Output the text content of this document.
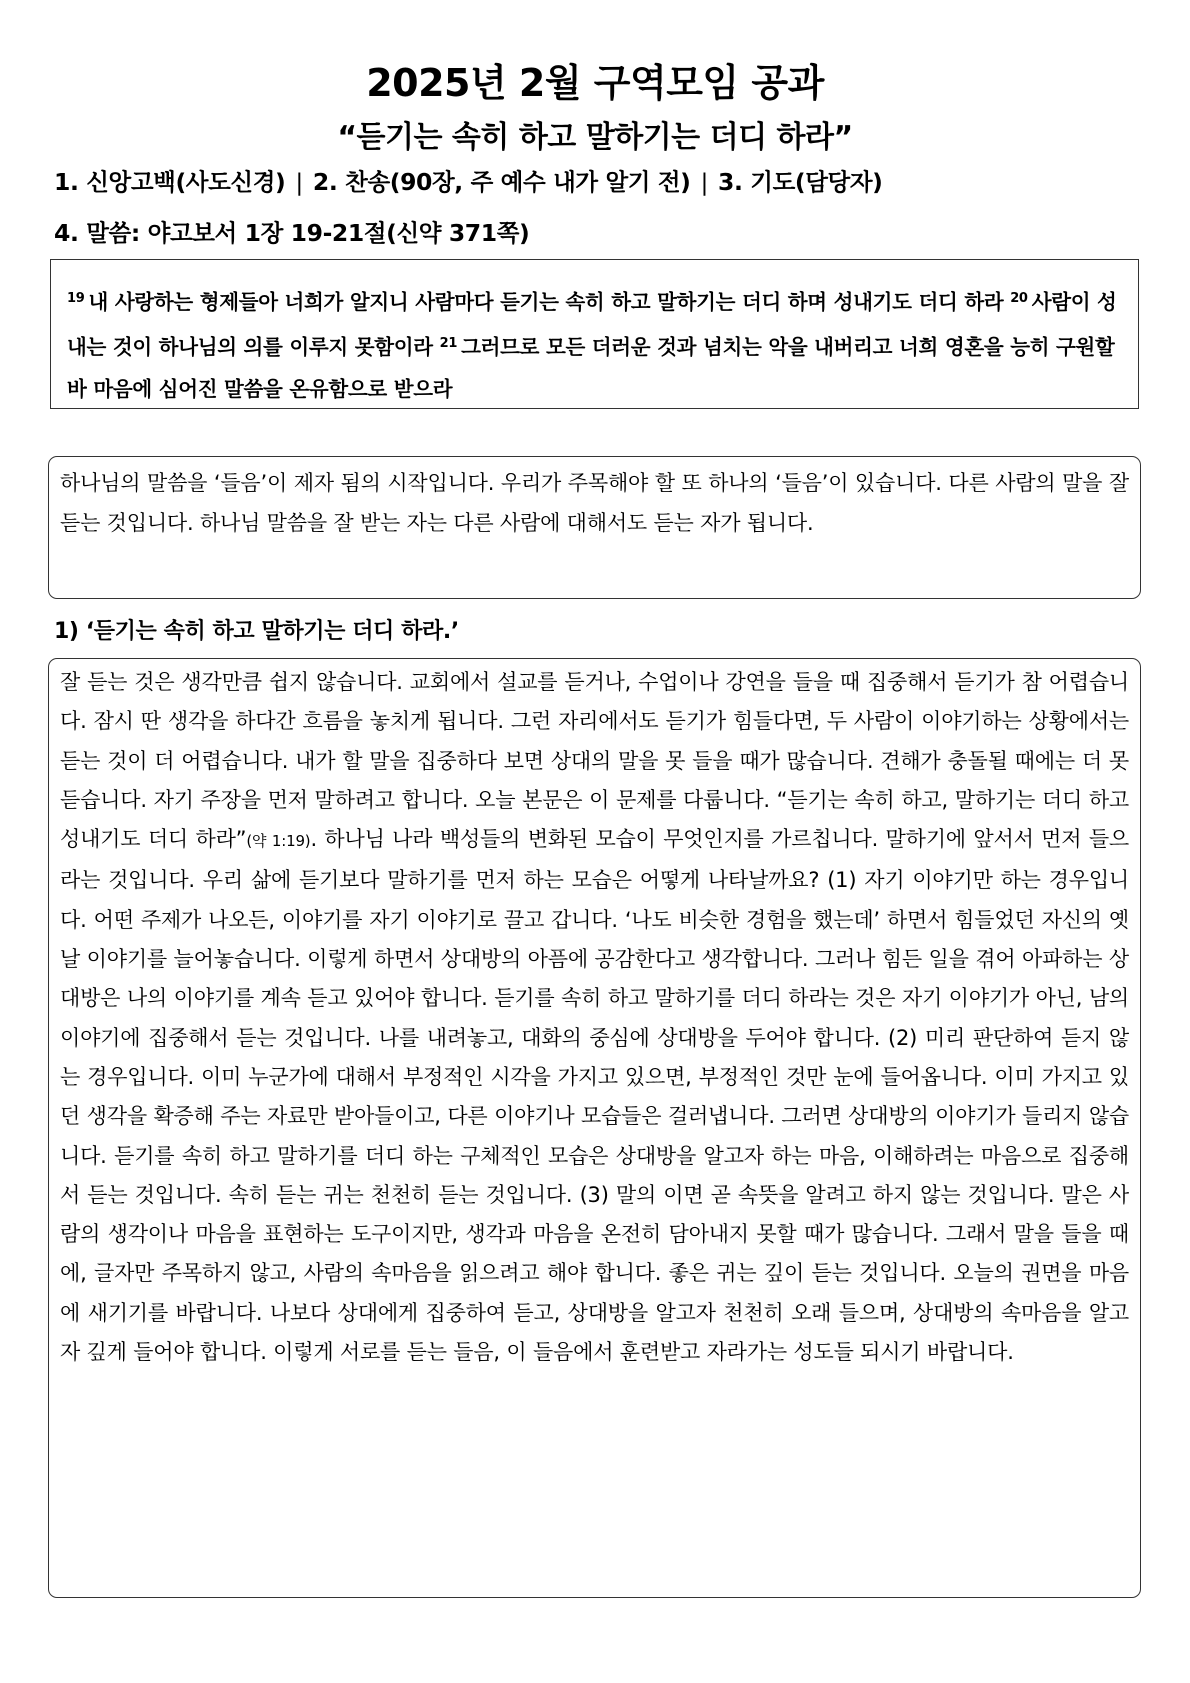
2025년 2월 구역모임 공과
“듣기는 속히 하고 말하기는 더디 하라”
1. 신앙고백(사도신경) | 2. 찬송(90장, 주 예수 내가 알기 전) | 3. 기도(담당자)
4. 말씀: 야고보서 1장 19-21절(신약 371쪽)
$^{19}$ 내 사랑하는 형제들아 너희가 알지니 사람마다 듣기는 속히 하고 말하기는 더디 하며 성내기도 더디 하라 $^{20}$ 사람이 성내는 것이 하나님의 의를 이루지 못함이라 $^{21}$ 그러므로 모든 더러운 것과 넘치는 악을 내버리고 너희 영혼을 능히 구원할 바 마음에 심어진 말씀을 온유함으로 받으라

하나님의 말씀을 ‘들음’이 제자 됨의 시작입니다. 우리가 주목해야 할 또 하나의 ‘들음’이 있습니다. 다른 사람의 말을 잘 듣는 것입니다. 하나님 말씀을 잘 받는 자는 다른 사람에 대해서도 듣는 자가 됩니다.

1) ‘듣기는 속히 하고 말하기는 더디 하라.’

잘 듣는 것은 생각만큼 쉽지 않습니다. 교회에서 설교를 듣거나, 수업이나 강연을 들을 때 집중해서 듣기가 참 어렵습니다. 잠시 딴 생각을 하다간 흐름을 놓치게 됩니다. 그런 자리에서도 듣기가 힘들다면, 두 사람이 이야기하는 상황에서는 듣는 것이 더 어렵습니다. 내가 할 말을 집중하다 보면 상대의 말을 못 들을 때가 많습니다. 견해가 충돌될 때에는 더 못 듣습니다. 자기 주장을 먼저 말하려고 합니다. 오늘 본문은 이 문제를 다룹니다. “듣기는 속히 하고, 말하기는 더디 하고 성내기도 더디 하라”(약 1:19). 하나님 나라 백성들의 변화된 모습이 무엇인지를 가르칩니다. 말하기에 앞서서 먼저 들으라는 것입니다. 우리 삶에 듣기보다 말하기를 먼저 하는 모습은 어떻게 나타날까요? (1) 자기 이야기만 하는 경우입니다. 어떤 주제가 나오든, 이야기를 자기 이야기로 끌고 갑니다. ‘나도 비슷한 경험을 했는데’ 하면서 힘들었던 자신의 옛날 이야기를 늘어놓습니다. 이렇게 하면서 상대방의 아픔에 공감한다고 생각합니다. 그러나 힘든 일을 겪어 아파하는 상대방은 나의 이야기를 계속 듣고 있어야 합니다. 듣기를 속히 하고 말하기를 더디 하라는 것은 자기 이야기가 아닌, 남의 이야기에 집중해서 듣는 것입니다. 나를 내려놓고, 대화의 중심에 상대방을 두어야 합니다. (2) 미리 판단하여 듣지 않는 경우입니다. 이미 누군가에 대해서 부정적인 시각을 가지고 있으면, 부정적인 것만 눈에 들어옵니다. 이미 가지고 있던 생각을 확증해 주는 자료만 받아들이고, 다른 이야기나 모습들은 걸러냅니다. 그러면 상대방의 이야기가 들리지 않습니다. 듣기를 속히 하고 말하기를 더디 하는 구체적인 모습은 상대방을 알고자 하는 마음, 이해하려는 마음으로 집중해서 듣는 것입니다. 속히 듣는 귀는 천천히 듣는 것입니다. (3) 말의 이면 곧 속뜻을 알려고 하지 않는 것입니다. 말은 사람의 생각이나 마음을 표현하는 도구이지만, 생각과 마음을 온전히 담아내지 못할 때가 많습니다. 그래서 말을 들을 때에, 글자만 주목하지 않고, 사람의 속마음을 읽으려고 해야 합니다. 좋은 귀는 깊이 듣는 것입니다. 오늘의 권면을 마음에 새기기를 바랍니다. 나보다 상대에게 집중하여 듣고, 상대방을 알고자 천천히 오래 들으며, 상대방의 속마음을 알고자 깊게 들어야 합니다. 이렇게 서로를 듣는 들음, 이 들음에서 훈련받고 자라가는 성도들 되시기 바랍니다.
